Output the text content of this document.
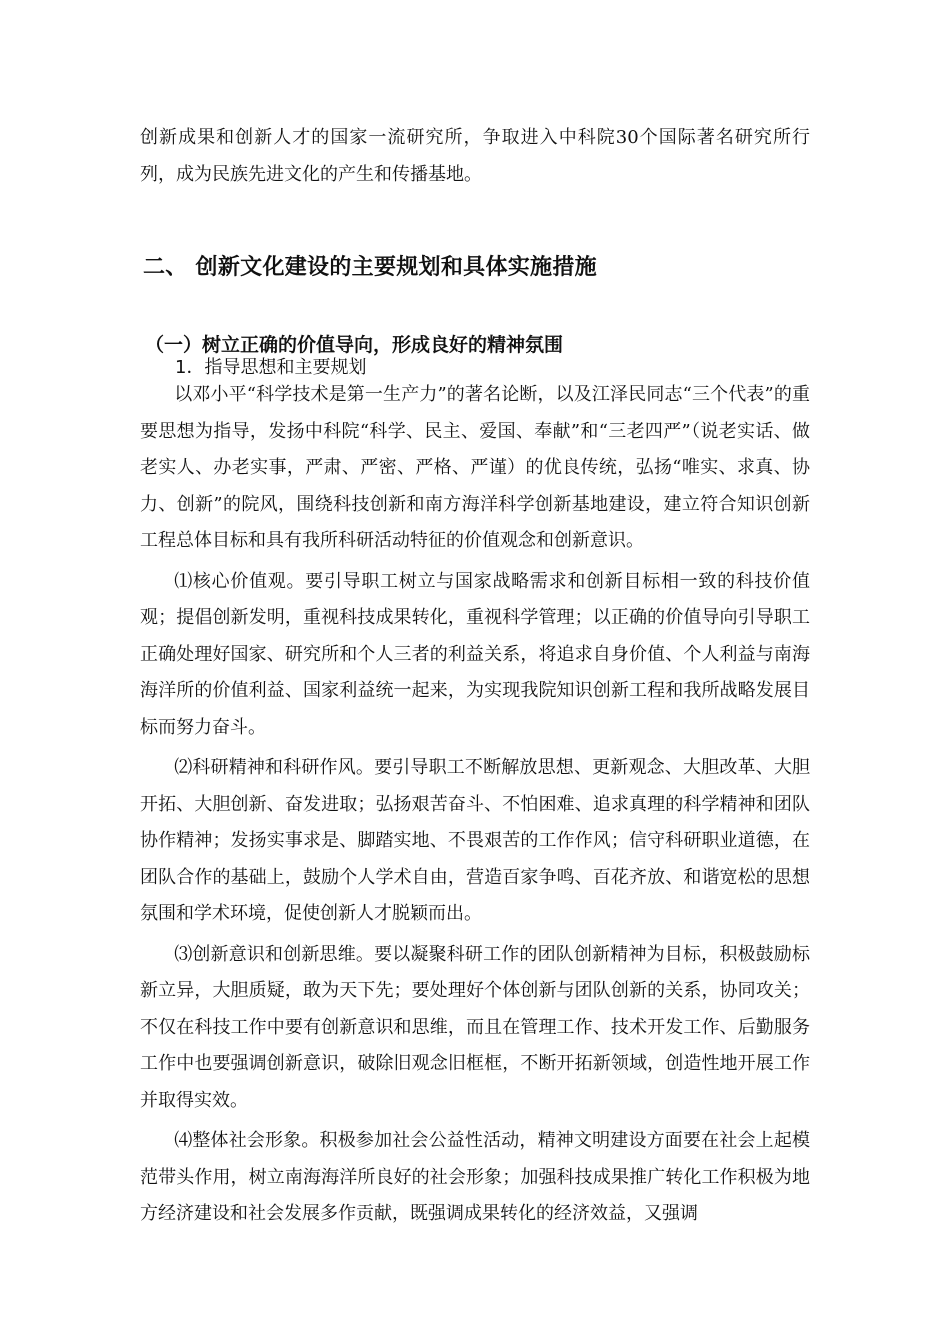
创新成果和创新人才的国家一流研究所，争取进入中科院30个国际著名研究所行列，成为民族先进文化的产生和传播基地。

二、 创新文化建设的主要规划和具体实施措施
（一）树立正确的价值导向，形成良好的精神氛围
1．指导思想和主要规划

以邓小平“科学技术是第一生产力”的著名论断，以及江泽民同志“三个代表”的重要思想为指导，发扬中科院“科学、民主、爱国、奉献”和“三老四严”（说老实话、做老实人、办老实事，严肃、严密、严格、严谨）的优良传统，弘扬“唯实、求真、协力、创新”的院风，围绕科技创新和南方海洋科学创新基地建设，建立符合知识创新工程总体目标和具有我所科研活动特征的价值观念和创新意识。

⑴核心价值观。要引导职工树立与国家战略需求和创新目标相一致的科技价值观；提倡创新发明，重视科技成果转化，重视科学管理；以正确的价值导向引导职工正确处理好国家、研究所和个人三者的利益关系，将追求自身价值、个人利益与南海海洋所的价值利益、国家利益统一起来，为实现我院知识创新工程和我所战略发展目标而努力奋斗。

⑵科研精神和科研作风。要引导职工不断解放思想、更新观念、大胆改革、大胆开拓、大胆创新、奋发进取；弘扬艰苦奋斗、不怕困难、追求真理的科学精神和团队协作精神；发扬实事求是、脚踏实地、不畏艰苦的工作作风；信守科研职业道德，在团队合作的基础上，鼓励个人学术自由，营造百家争鸣、百花齐放、和谐宽松的思想氛围和学术环境，促使创新人才脱颖而出。

⑶创新意识和创新思维。要以凝聚科研工作的团队创新精神为目标，积极鼓励标新立异，大胆质疑，敢为天下先；要处理好个体创新与团队创新的关系，协同攻关；不仅在科技工作中要有创新意识和思维，而且在管理工作、技术开发工作、后勤服务工作中也要强调创新意识，破除旧观念旧框框，不断开拓新领域，创造性地开展工作并取得实效。

⑷整体社会形象。积极参加社会公益性活动，精神文明建设方面要在社会上起模范带头作用，树立南海海洋所良好的社会形象；加强科技成果推广转化工作积极为地方经济建设和社会发展多作贡献，既强调成果转化的经济效益，又强调
